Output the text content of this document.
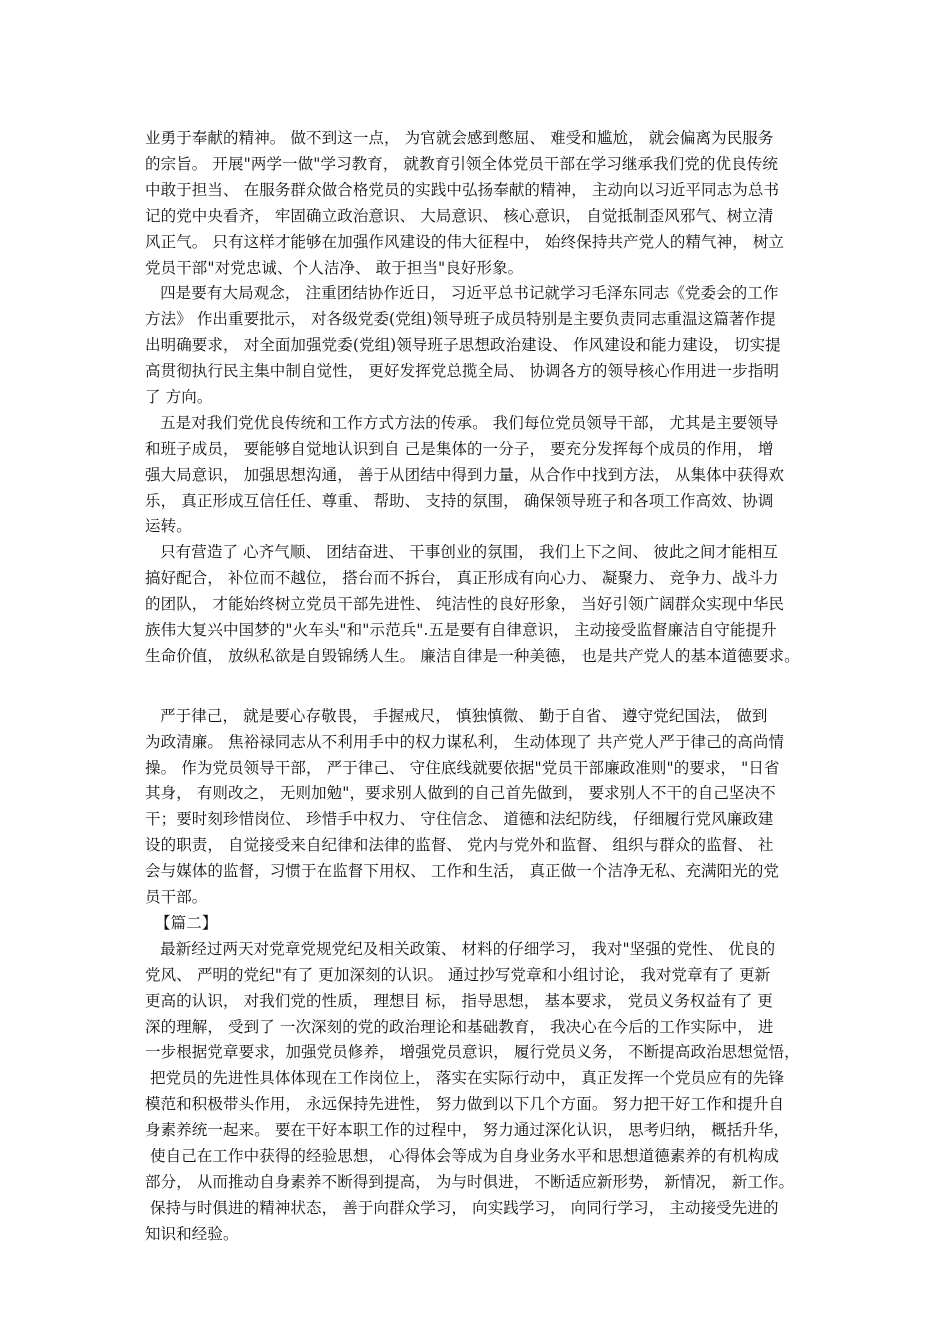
业勇于奉献的精神。 做不到这一点， 为官就会感到憋屈、 难受和尴尬， 就会偏离为民服务
的宗旨。 开展"两学一做"学习教育， 就教育引领全体党员干部在学习继承我们党的优良传统
中敢于担当、 在服务群众做合格党员的实践中弘扬奉献的精神， 主动向以习近平同志为总书
记的党中央看齐， 牢固确立政治意识、 大局意识、 核心意识， 自觉抵制歪风邪气、树立清
风正气。 只有这样才能够在加强作风建设的伟大征程中， 始终保持共产党人的精气神， 树立
党员干部"对党忠诚、个人洁净、 敢于担当"良好形象。
四是要有大局观念， 注重团结协作近日， 习近平总书记就学习毛泽东同志《党委会的工作
方法》 作出重要批示， 对各级党委(党组)领导班子成员特别是主要负责同志重温这篇著作提
出明确要求， 对全面加强党委(党组)领导班子思想政治建设、 作风建设和能力建设， 切实提
高贯彻执行民主集中制自觉性， 更好发挥党总揽全局、 协调各方的领导核心作用进一步指明
了 方向。
五是对我们党优良传统和工作方式方法的传承。 我们每位党员领导干部， 尤其是主要领导
和班子成员， 要能够自觉地认识到自 己是集体的一分子， 要充分发挥每个成员的作用， 增
强大局意识， 加强思想沟通， 善于从团结中得到力量，从合作中找到方法， 从集体中获得欢
乐， 真正形成互信任任、尊重、 帮助、 支持的氛围， 确保领导班子和各项工作高效、协调
运转。
只有营造了 心齐气顺、 团结奋进、 干事创业的氛围， 我们上下之间、 彼此之间才能相互
搞好配合， 补位而不越位， 搭台而不拆台， 真正形成有向心力、 凝聚力、 竞争力、战斗力
的团队， 才能始终树立党员干部先进性、 纯洁性的良好形象， 当好引领广阔群众实现中华民
族伟大复兴中国梦的"火车头"和"示范兵".五是要有自律意识， 主动接受监督廉洁自守能提升
生命价值， 放纵私欲是自毁锦绣人生。 廉洁自律是一种美德， 也是共产党人的基本道德要求。
严于律己， 就是要心存敬畏， 手握戒尺， 慎独慎微、 勤于自省、 遵守党纪国法， 做到
为政清廉。 焦裕禄同志从不利用手中的权力谋私利， 生动体现了 共产党人严于律己的高尚情
操。 作为党员领导干部， 严于律己、 守住底线就要依据"党员干部廉政准则"的要求， "日省
其身， 有则改之， 无则加勉"，要求别人做到的自己首先做到， 要求别人不干的自己坚决不
干；要时刻珍惜岗位、 珍惜手中权力、 守住信念、 道德和法纪防线， 仔细履行党风廉政建
设的职责， 自觉接受来自纪律和法律的监督、 党内与党外和监督、 组织与群众的监督、 社
会与媒体的监督，习惯于在监督下用权、 工作和生活， 真正做一个洁净无私、充满阳光的党
员干部。
【篇二】
最新经过两天对党章党规党纪及相关政策、 材料的仔细学习， 我对"坚强的党性、 优良的
党风、 严明的党纪"有了 更加深刻的认识。 通过抄写党章和小组讨论， 我对党章有了 更新
更高的认识， 对我们党的性质， 理想目 标， 指导思想， 基本要求， 党员义务权益有了 更
深的理解， 受到了 一次深刻的党的政治理论和基础教育， 我决心在今后的工作实际中， 进
一步根据党章要求，加强党员修养， 增强党员意识， 履行党员义务， 不断提高政治思想觉悟，
把党员的先进性具体体现在工作岗位上， 落实在实际行动中， 真正发挥一个党员应有的先锋
模范和积极带头作用， 永远保持先进性， 努力做到以下几个方面。 努力把干好工作和提升自
身素养统一起来。 要在干好本职工作的过程中， 努力通过深化认识， 思考归纳， 概括升华，
使自己在工作中获得的经验思想， 心得体会等成为自身业务水平和思想道德素养的有机构成
部分， 从而推动自身素养不断得到提高， 为与时俱进， 不断适应新形势， 新情况， 新工作。
保持与时俱进的精神状态， 善于向群众学习， 向实践学习， 向同行学习， 主动接受先进的
知识和经验。
